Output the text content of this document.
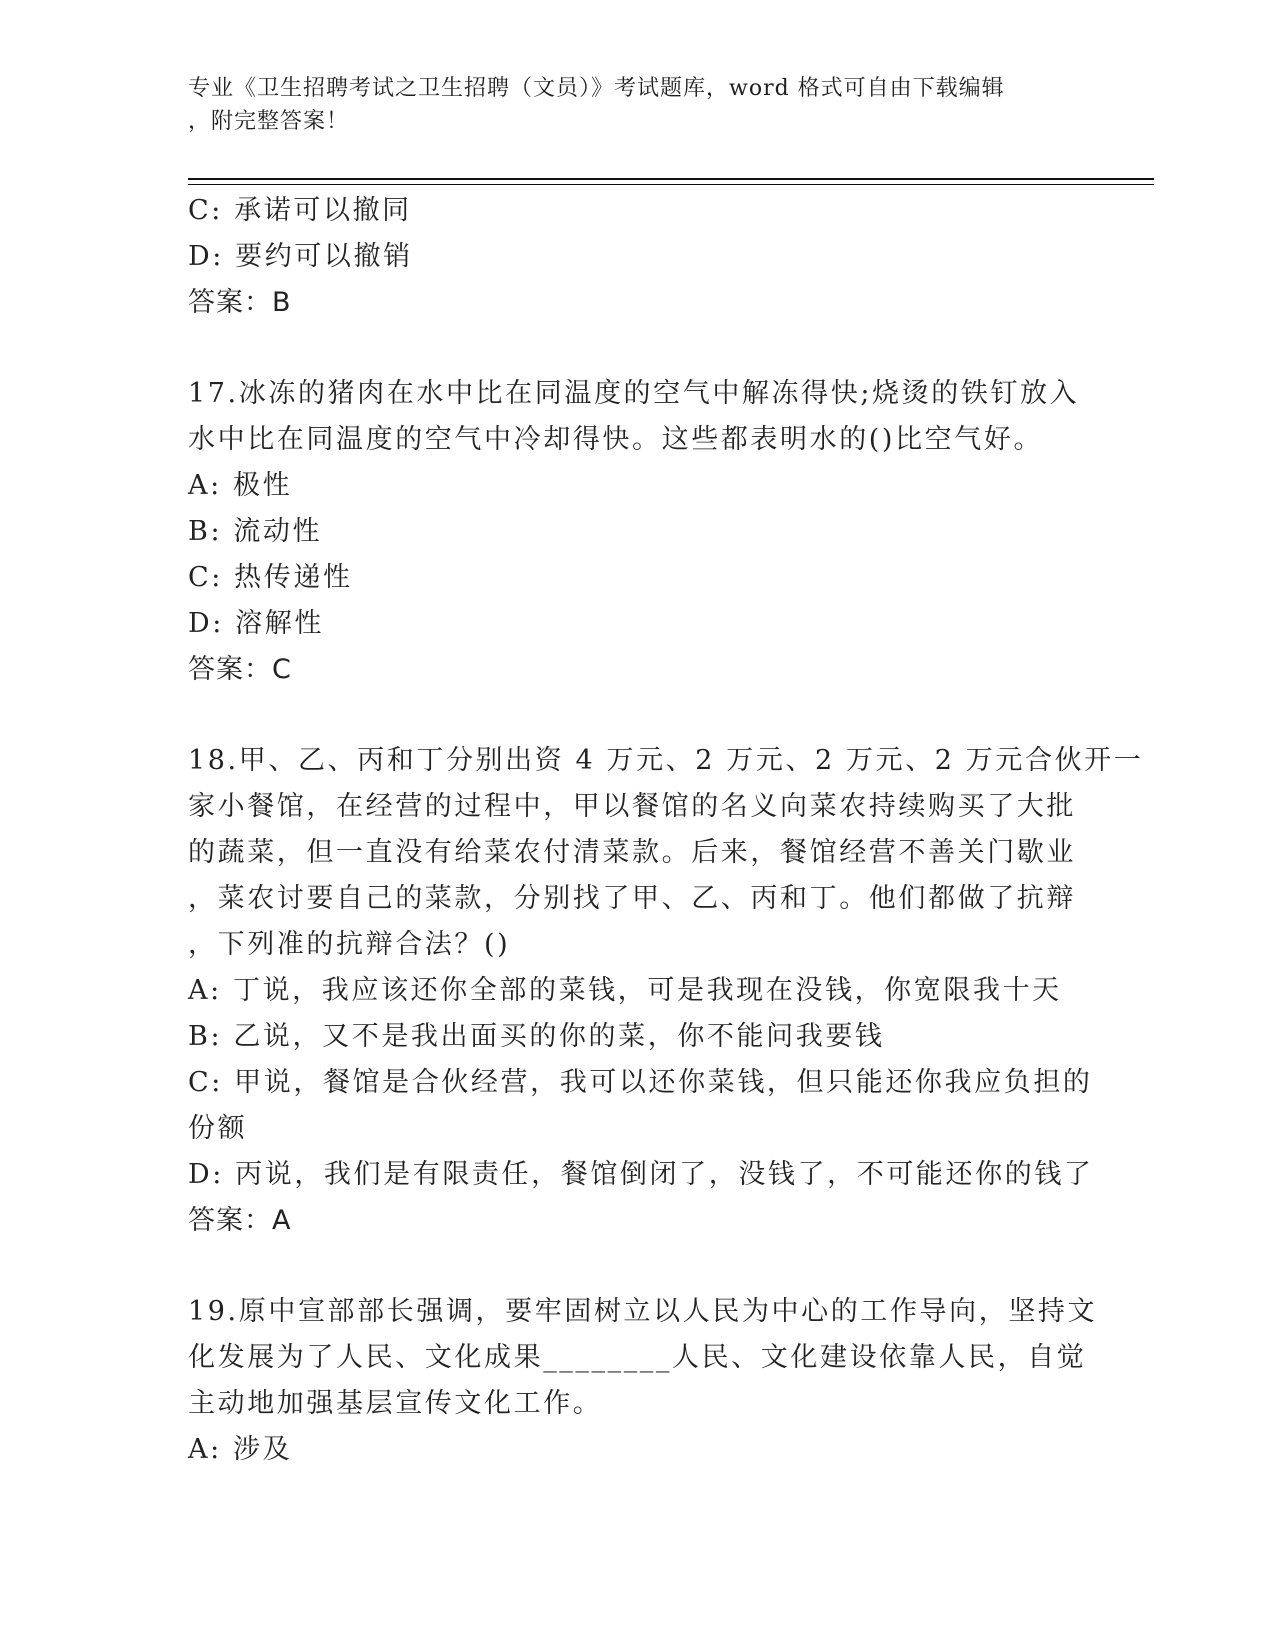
专业《卫生招聘考试之卫生招聘（文员）》考试题库，word 格式可自由下载编辑
，附完整答案！
C: 承诺可以撤同
D: 要约可以撤销
答案：B
17.冰冻的猪肉在水中比在同温度的空气中解冻得快;烧烫的铁钉放入
水中比在同温度的空气中冷却得快。这些都表明水的()比空气好。
A: 极性
B: 流动性
C: 热传递性
D: 溶解性
答案：C
18.甲、乙、丙和丁分别出资 4 万元、2 万元、2 万元、2 万元合伙开一
家小餐馆，在经营的过程中，甲以餐馆的名义向菜农持续购买了大批
的蔬菜，但一直没有给菜农付清菜款。后来，餐馆经营不善关门歇业
，菜农讨要自己的菜款，分别找了甲、乙、丙和丁。他们都做了抗辩
，下列准的抗辩合法？()
A: 丁说，我应该还你全部的菜钱，可是我现在没钱，你宽限我十天
B: 乙说，又不是我出面买的你的菜，你不能问我要钱
C: 甲说，餐馆是合伙经营，我可以还你菜钱，但只能还你我应负担的
份额
D: 丙说，我们是有限责任，餐馆倒闭了，没钱了，不可能还你的钱了
答案：A
19.原中宣部部长强调，要牢固树立以人民为中心的工作导向，坚持文
化发展为了人民、文化成果________人民、文化建设依靠人民，自觉
主动地加强基层宣传文化工作。
A: 涉及
